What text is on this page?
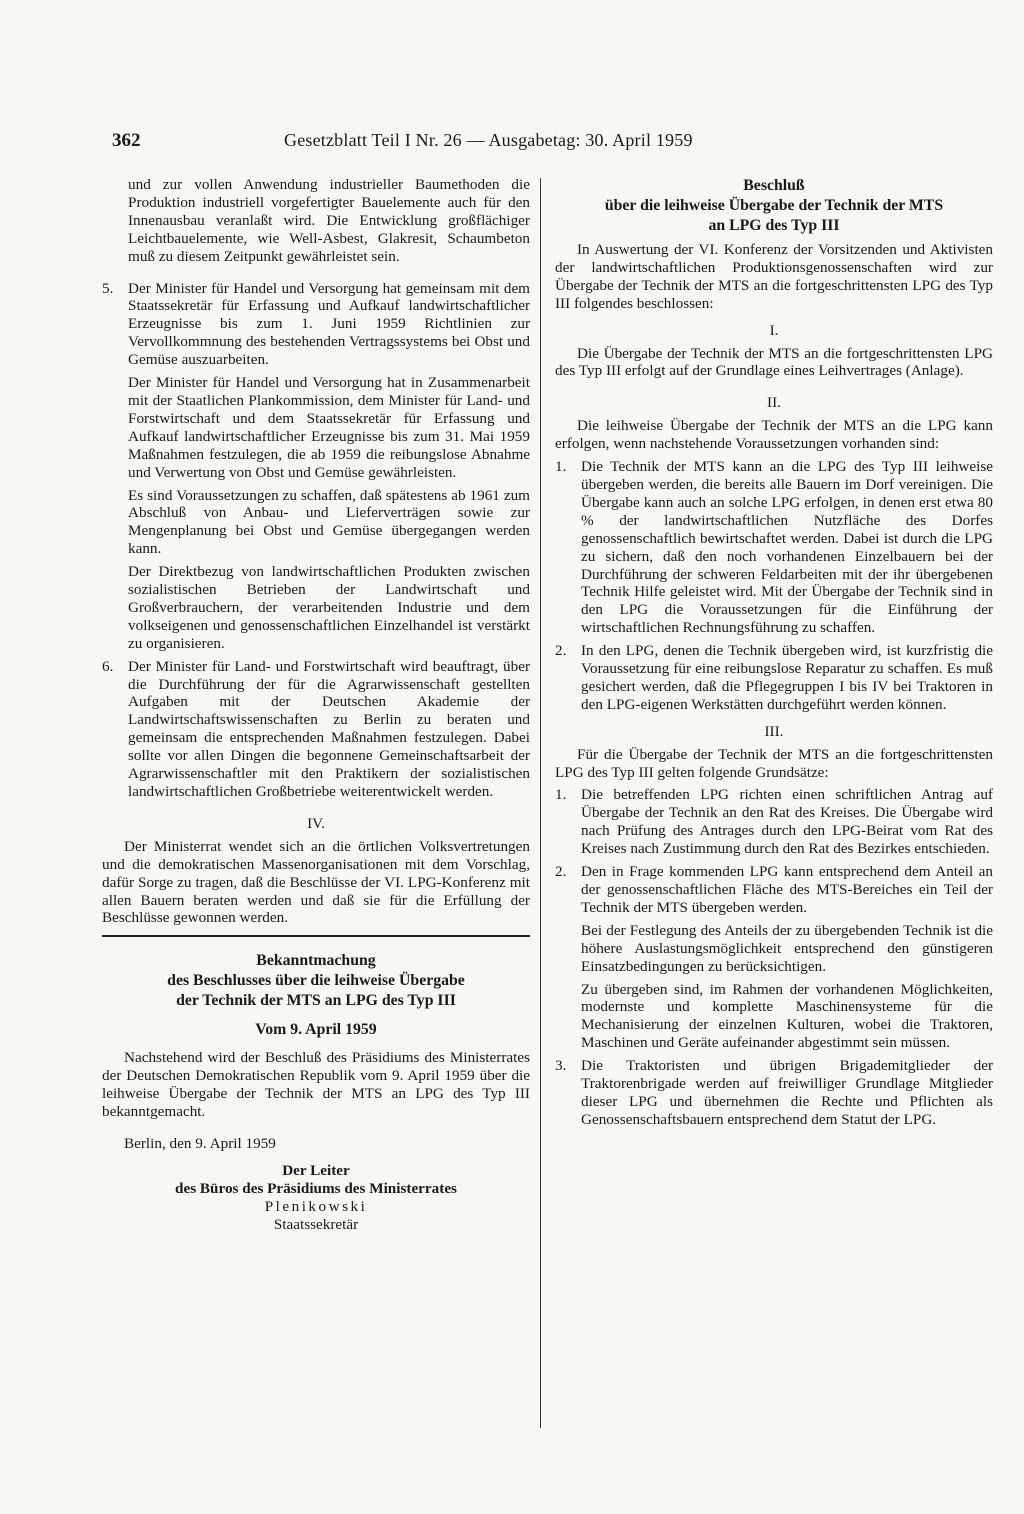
362	Gesetzblatt Teil I Nr. 26 — Ausgabetag: 30. April 1959

und zur vollen Anwendung industrieller Baumethoden die Produktion industriell vorgefertigter Bauelemente auch für den Innenausbau veranlaßt wird. Die Entwicklung großflächiger Leichtbauelemente, wie Well-Asbest, Glakresit, Schaumbeton muß zu diesem Zeitpunkt gewährleistet sein.

5. Der Minister für Handel und Versorgung hat gemeinsam mit dem Staatssekretär für Erfassung und Aufkauf landwirtschaftlicher Erzeugnisse bis zum 1. Juni 1959 Richtlinien zur Vervollkommnung des bestehenden Vertragssystems bei Obst und Gemüse auszuarbeiten.

Der Minister für Handel und Versorgung hat in Zusammenarbeit mit der Staatlichen Plankommission, dem Minister für Land- und Forstwirtschaft und dem Staatssekretär für Erfassung und Aufkauf landwirtschaftlicher Erzeugnisse bis zum 31. Mai 1959 Maßnahmen festzulegen, die ab 1959 die reibungslose Abnahme und Verwertung von Obst und Gemüse gewährleisten.

Es sind Voraussetzungen zu schaffen, daß spätestens ab 1961 zum Abschluß von Anbau- und Lieferverträgen sowie zur Mengenplanung bei Obst und Gemüse übergegangen werden kann.

Der Direktbezug von landwirtschaftlichen Produkten zwischen sozialistischen Betrieben der Landwirtschaft und Großverbrauchern, der verarbeitenden Industrie und dem volkseigenen und genossenschaftlichen Einzelhandel ist verstärkt zu organisieren.

6. Der Minister für Land- und Forstwirtschaft wird beauftragt, über die Durchführung der für die Agrarwissenschaft gestellten Aufgaben mit der Deutschen Akademie der Landwirtschaftswissenschaften zu Berlin zu beraten und gemeinsam die entsprechenden Maßnahmen festzulegen. Dabei sollte vor allen Dingen die begonnene Gemeinschaftsarbeit der Agrarwissenschaftler mit den Praktikern der sozialistischen landwirtschaftlichen Großbetriebe weiterentwickelt werden.

IV.

Der Ministerrat wendet sich an die örtlichen Volksvertretungen und die demokratischen Massenorganisationen mit dem Vorschlag, dafür Sorge zu tragen, daß die Beschlüsse der VI. LPG-Konferenz mit allen Bauern beraten werden und daß sie für die Erfüllung der Beschlüsse gewonnen werden.

Bekanntmachung
des Beschlusses über die leihweise Übergabe
der Technik der MTS an LPG des Typ III
Vom 9. April 1959

Nachstehend wird der Beschluß des Präsidiums des Ministerrates der Deutschen Demokratischen Republik vom 9. April 1959 über die leihweise Übergabe der Technik der MTS an LPG des Typ III bekanntgemacht.

Berlin, den 9. April 1959

Der Leiter

des Büros des Präsidiums des Ministerrates

Plenikowski

Staatssekretär

Beschluß
über die leihweise Übergabe der Technik der MTS
an LPG des Typ III

In Auswertung der VI. Konferenz der Vorsitzenden und Aktivisten der landwirtschaftlichen Produktionsgenossenschaften wird zur Übergabe der Technik der MTS an die fortgeschrittensten LPG des Typ III folgendes beschlossen:

I.

Die Übergabe der Technik der MTS an die fortgeschrittensten LPG des Typ III erfolgt auf der Grundlage eines Leihvertrages (Anlage).

II.

Die leihweise Übergabe der Technik der MTS an die LPG kann erfolgen, wenn nachstehende Voraussetzungen vorhanden sind:

1. Die Technik der MTS kann an die LPG des Typ III leihweise übergeben werden, die bereits alle Bauern im Dorf vereinigen. Die Übergabe kann auch an solche LPG erfolgen, in denen erst etwa 80 % der landwirtschaftlichen Nutzfläche des Dorfes genossenschaftlich bewirtschaftet werden. Dabei ist durch die LPG zu sichern, daß den noch vorhandenen Einzelbauern bei der Durchführung der schweren Feldarbeiten mit der ihr übergebenen Technik Hilfe geleistet wird. Mit der Übergabe der Technik sind in den LPG die Voraussetzungen für die Einführung der wirtschaftlichen Rechnungsführung zu schaffen.

2. In den LPG, denen die Technik übergeben wird, ist kurzfristig die Voraussetzung für eine reibungslose Reparatur zu schaffen. Es muß gesichert werden, daß die Pflegegruppen I bis IV bei Traktoren in den LPG-eigenen Werkstätten durchgeführt werden können.

III.

Für die Übergabe der Technik der MTS an die fortgeschrittensten LPG des Typ III gelten folgende Grundsätze:

1. Die betreffenden LPG richten einen schriftlichen Antrag auf Übergabe der Technik an den Rat des Kreises. Die Übergabe wird nach Prüfung des Antrages durch den LPG-Beirat vom Rat des Kreises nach Zustimmung durch den Rat des Bezirkes entschieden.

2. Den in Frage kommenden LPG kann entsprechend dem Anteil an der genossenschaftlichen Fläche des MTS-Bereiches ein Teil der Technik der MTS übergeben werden.

Bei der Festlegung des Anteils der zu übergebenden Technik ist die höhere Auslastungsmöglichkeit entsprechend den günstigeren Einsatzbedingungen zu berücksichtigen.

Zu übergeben sind, im Rahmen der vorhandenen Möglichkeiten, modernste und komplette Maschinensysteme für die Mechanisierung der einzelnen Kulturen, wobei die Traktoren, Maschinen und Geräte aufeinander abgestimmt sein müssen.

3. Die Traktoristen und übrigen Brigademitglieder der Traktorenbrigade werden auf freiwilliger Grundlage Mitglieder dieser LPG und übernehmen die Rechte und Pflichten als Genossenschaftsbauern entsprechend dem Statut der LPG.
